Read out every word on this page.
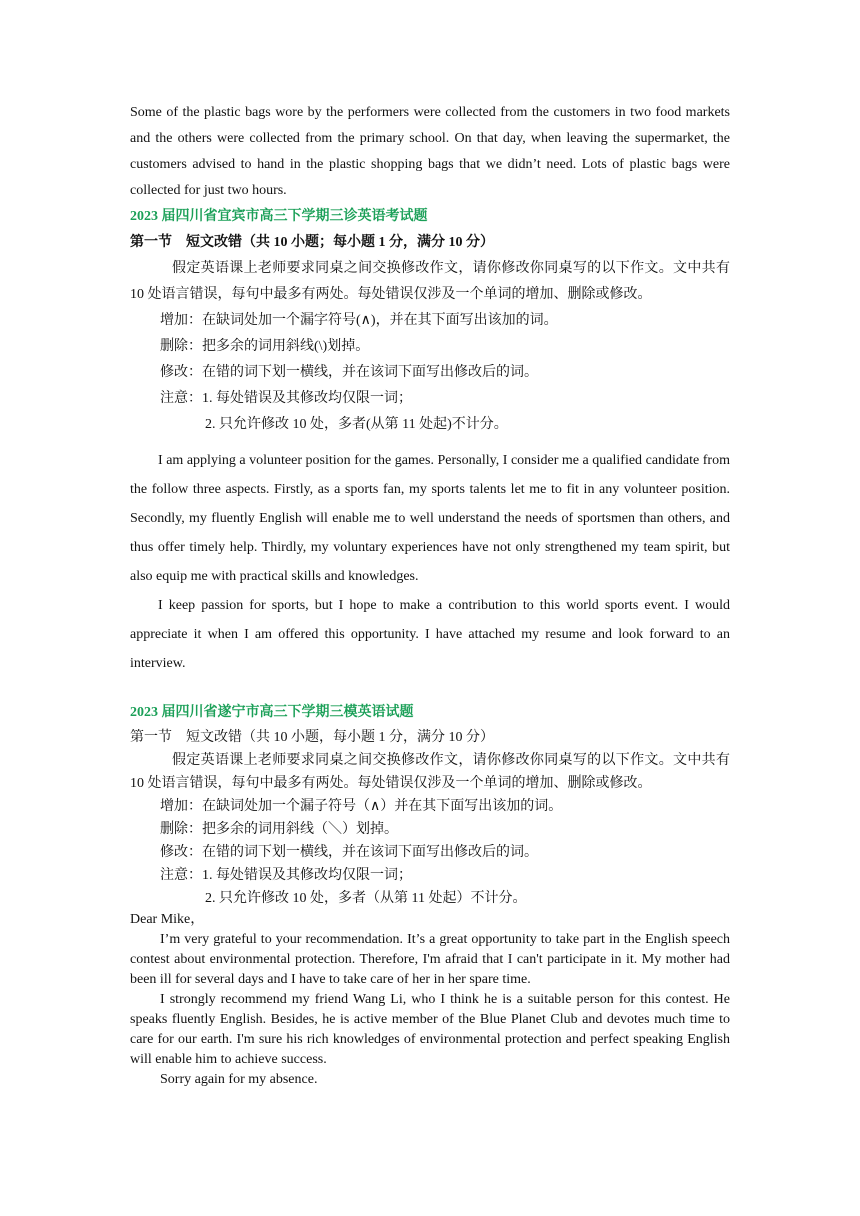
Some of the plastic bags wore by the performers were collected from the customers in two food markets and the others were collected from the primary school. On that day, when leaving the supermarket, the customers advised to hand in the plastic shopping bags that we didn’t need. Lots of plastic bags were collected for just two hours.

2023 届四川省宜宾市高三下学期三诊英语考试题

第一节　短文改错（共 10 小题；每小题 1 分，满分 10 分）

假定英语课上老师要求同桌之间交换修改作文，请你修改你同桌写的以下作文。文中共有 10 处语言错误，每句中最多有两处。每处错误仅涉及一个单词的增加、删除或修改。

增加：在缺词处加一个漏字符号(∧)，并在其下面写出该加的词。

删除：把多余的词用斜线(\)划掉。

修改：在错的词下划一横线，并在该词下面写出修改后的词。

注意：1. 每处错误及其修改均仅限一词；

2. 只允许修改 10 处，多者(从第 11 处起)不计分。

I am applying a volunteer position for the games. Personally, I consider me a qualified candidate from the follow three aspects. Firstly, as a sports fan, my sports talents let me to fit in any volunteer position. Secondly, my fluently English will enable me to well understand the needs of sportsmen than others, and thus offer timely help. Thirdly, my voluntary experiences have not only strengthened my team spirit, but also equip me with practical skills and knowledges.

I keep passion for sports, but I hope to make a contribution to this world sports event. I would appreciate it when I am offered this opportunity. I have attached my resume and look forward to an interview.

2023 届四川省遂宁市高三下学期三模英语试题

第一节　短文改错（共 10 小题，每小题 1 分，满分 10 分）

假定英语课上老师要求同桌之间交换修改作文，请你修改你同桌写的以下作文。文中共有 10 处语言错误，每句中最多有两处。每处错误仅涉及一个单词的增加、删除或修改。

增加：在缺词处加一个漏子符号（∧）并在其下面写出该加的词。

删除：把多余的词用斜线（＼）划掉。

修改：在错的词下划一横线，并在该词下面写出修改后的词。

注意：1. 每处错误及其修改均仅限一词；

2. 只允许修改 10 处，多者（从第 11 处起）不计分。

Dear Mike，

I’m very grateful to your recommendation. It’s a great opportunity to take part in the English speech contest about environmental protection. Therefore, I'm afraid that I can't participate in it. My mother had been ill for several days and I have to take care of her in her spare time.

I strongly recommend my friend Wang Li, who I think he is a suitable person for this contest. He speaks fluently English. Besides, he is active member of the Blue Planet Club and devotes much time to care for our earth. I'm sure his rich knowledges of environmental protection and perfect speaking English will enable him to achieve success.

Sorry again for my absence.
